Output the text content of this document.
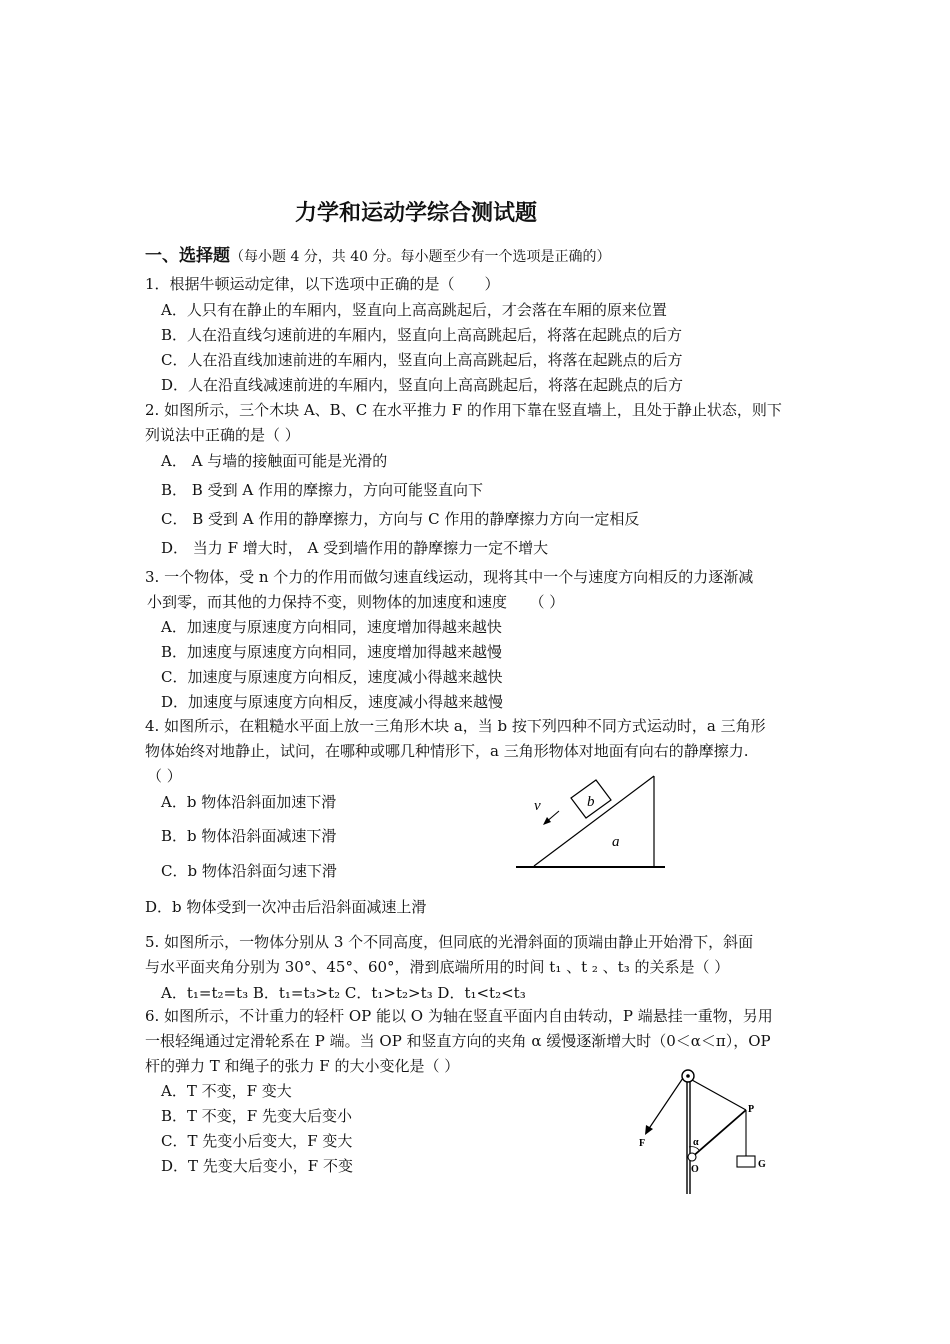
力学和运动学综合测试题
一、选择题（每小题 4 分，共 40 分。每小题至少有一个选项是正确的）
1．根据牛顿运动定律，以下选项中正确的是（　　）
A．人只有在静止的车厢内，竖直向上高高跳起后，才会落在车厢的原来位置
B．人在沿直线匀速前进的车厢内，竖直向上高高跳起后，将落在起跳点的后方
C．人在沿直线加速前进的车厢内，竖直向上高高跳起后，将落在起跳点的后方
D．人在沿直线减速前进的车厢内，竖直向上高高跳起后，将落在起跳点的后方
2. 如图所示，三个木块 A、B、C 在水平推力 F 的作用下靠在竖直墙上，且处于静止状态，则下
列说法中正确的是（ ）
A． A 与墙的接触面可能是光滑的
B． B 受到 A 作用的摩擦力，方向可能竖直向下
C． B 受到 A 作用的静摩擦力，方向与 C 作用的静摩擦力方向一定相反
D． 当力 F 增大时， A 受到墙作用的静摩擦力一定不增大
3. 一个物体，受 n 个力的作用而做匀速直线运动，现将其中一个与速度方向相反的力逐渐减
小到零，而其他的力保持不变，则物体的加速度和速度　　（ ）
A．加速度与原速度方向相同，速度增加得越来越快
B．加速度与原速度方向相同，速度增加得越来越慢
C．加速度与原速度方向相反，速度减小得越来越快
D．加速度与原速度方向相反，速度减小得越来越慢
4. 如图所示，在粗糙水平面上放一三角形木块 a，当 b 按下列四种不同方式运动时，a 三角形
物体始终对地静止，试问，在哪种或哪几种情形下，a 三角形物体对地面有向右的静摩擦力.
（ ）
A．b 物体沿斜面加速下滑
B．b 物体沿斜面减速下滑
C．b 物体沿斜面匀速下滑
D．b 物体受到一次冲击后沿斜面减速上滑
v	b
a
5. 如图所示，一物体分别从 3 个不同高度，但同底的光滑斜面的顶端由静止开始滑下，斜面
与水平面夹角分别为 30°、45°、60°，滑到底端所用的时间 t₁ 、t ₂ 、t₃ 的关系是（ ）
A．t₁=t₂=t₃ B．t₁=t₃>t₂ C．t₁>t₂>t₃ D．t₁<t₂<t₃
6. 如图所示，不计重力的轻杆 OP 能以 O 为轴在竖直平面内自由转动，P 端悬挂一重物，另用
一根轻绳通过定滑轮系在 P 端。当 OP 和竖直方向的夹角 α 缓慢逐渐增大时（0＜α＜π），OP
杆的弹力 T 和绳子的张力 F 的大小变化是（ ）
A．T 不变，F 变大
B．T 不变，F 先变大后变小
C．T 先变小后变大，F 变大
D．T 先变大后变小，F 不变
F
P
α
O	G
